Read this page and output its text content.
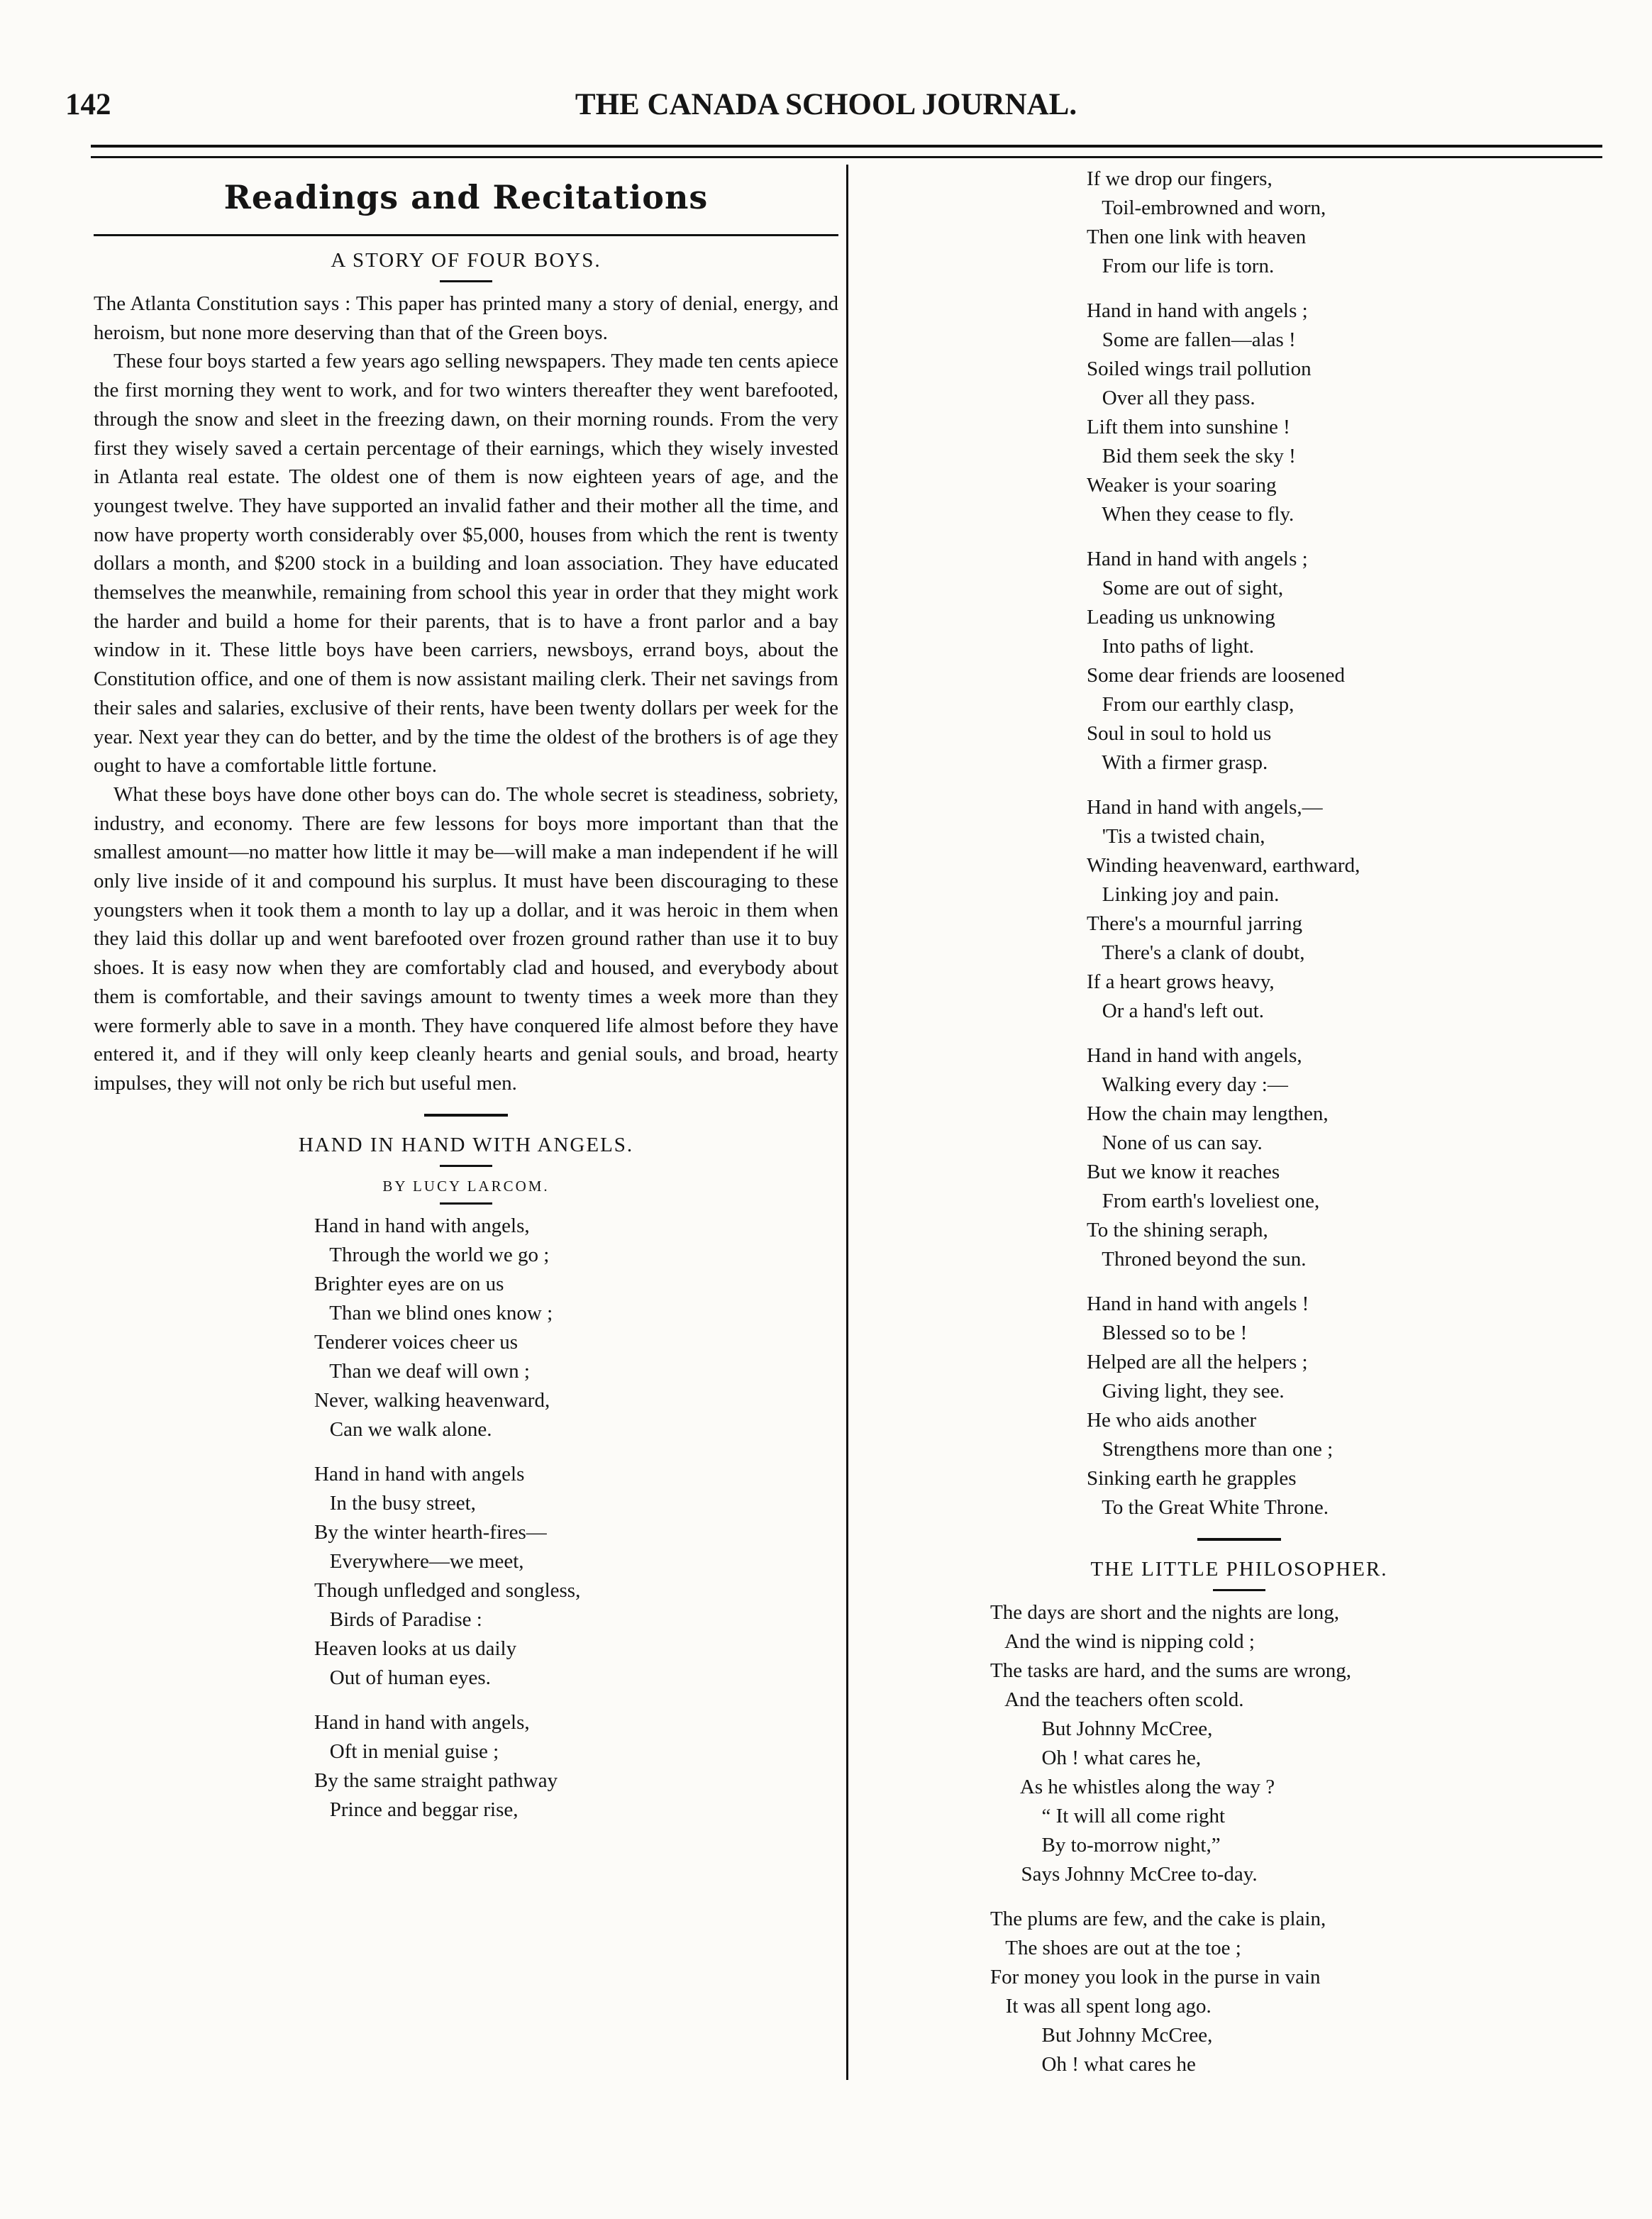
THE CANADA SCHOOL JOURNAL.
142
Readings and Recitations
A STORY OF FOUR BOYS.

The Atlanta Constitution says : This paper has printed many a story of denial, energy, and heroism, but none more deserving than that of the Green boys.

These four boys started a few years ago selling newspapers. They made ten cents apiece the first morning they went to work, and for two winters thereafter they went barefooted, through the snow and sleet in the freezing dawn, on their morning rounds. From the very first they wisely saved a certain percentage of their earnings, which they wisely invested in Atlanta real estate. The oldest one of them is now eighteen years of age, and the youngest twelve. They have supported an invalid father and their mother all the time, and now have property worth considerably over $5,000, houses from which the rent is twenty dollars a month, and $200 stock in a building and loan association. They have educated themselves the meanwhile, remaining from school this year in order that they might work the harder and build a home for their parents, that is to have a front parlor and a bay window in it. These little boys have been carriers, newsboys, errand boys, about the Constitution office, and one of them is now assistant mailing clerk. Their net savings from their sales and salaries, exclusive of their rents, have been twenty dollars per week for the year. Next year they can do better, and by the time the oldest of the brothers is of age they ought to have a comfortable little fortune.

What these boys have done other boys can do. The whole secret is steadiness, sobriety, industry, and economy. There are few lessons for boys more important than that the smallest amount—no matter how little it may be—will make a man independent if he will only live inside of it and compound his surplus. It must have been discouraging to these youngsters when it took them a month to lay up a dollar, and it was heroic in them when they laid this dollar up and went barefooted over frozen ground rather than use it to buy shoes. It is easy now when they are comfortably clad and housed, and everybody about them is comfortable, and their savings amount to twenty times a week more than they were formerly able to save in a month. They have conquered life almost before they have entered it, and if they will only keep cleanly hearts and genial souls, and broad, hearty impulses, they will not only be rich but useful men.

HAND IN HAND WITH ANGELS.
BY LUCY LARCOM.
Hand in hand with angels,
Through the world we go ;
Brighter eyes are on us
Than we blind ones know ;
Tenderer voices cheer us
Than we deaf will own ;
Never, walking heavenward,
Can we walk alone.
Hand in hand with angels
In the busy street,
By the winter hearth-fires—
Everywhere—we meet,
Though unfledged and songless,
Birds of Paradise :
Heaven looks at us daily
Out of human eyes.
Hand in hand with angels,
Oft in menial guise ;
By the same straight pathway
Prince and beggar rise,
If we drop our fingers,
Toil-embrowned and worn,
Then one link with heaven
From our life is torn.
Hand in hand with angels ;
Some are fallen—alas !
Soiled wings trail pollution
Over all they pass.
Lift them into sunshine !
Bid them seek the sky !
Weaker is your soaring
When they cease to fly.
Hand in hand with angels ;
Some are out of sight,
Leading us unknowing
Into paths of light.
Some dear friends are loosened
From our earthly clasp,
Soul in soul to hold us
With a firmer grasp.
Hand in hand with angels,—
'Tis a twisted chain,
Winding heavenward, earthward,
Linking joy and pain.
There's a mournful jarring
There's a clank of doubt,
If a heart grows heavy,
Or a hand's left out.
Hand in hand with angels,
Walking every day :—
How the chain may lengthen,
None of us can say.
But we know it reaches
From earth's loveliest one,
To the shining seraph,
Throned beyond the sun.
Hand in hand with angels !
Blessed so to be !
Helped are all the helpers ;
Giving light, they see.
He who aids another
Strengthens more than one ;
Sinking earth he grapples
To the Great White Throne.
THE LITTLE PHILOSOPHER.
The days are short and the nights are long,
And the wind is nipping cold ;
The tasks are hard, and the sums are wrong,
And the teachers often scold.
But Johnny McCree,
Oh ! what cares he,
As he whistles along the way ?
“ It will all come right
By to-morrow night,”
Says Johnny McCree to-day.
The plums are few, and the cake is plain,
The shoes are out at the toe ;
For money you look in the purse in vain
It was all spent long ago.
But Johnny McCree,
Oh ! what cares he
